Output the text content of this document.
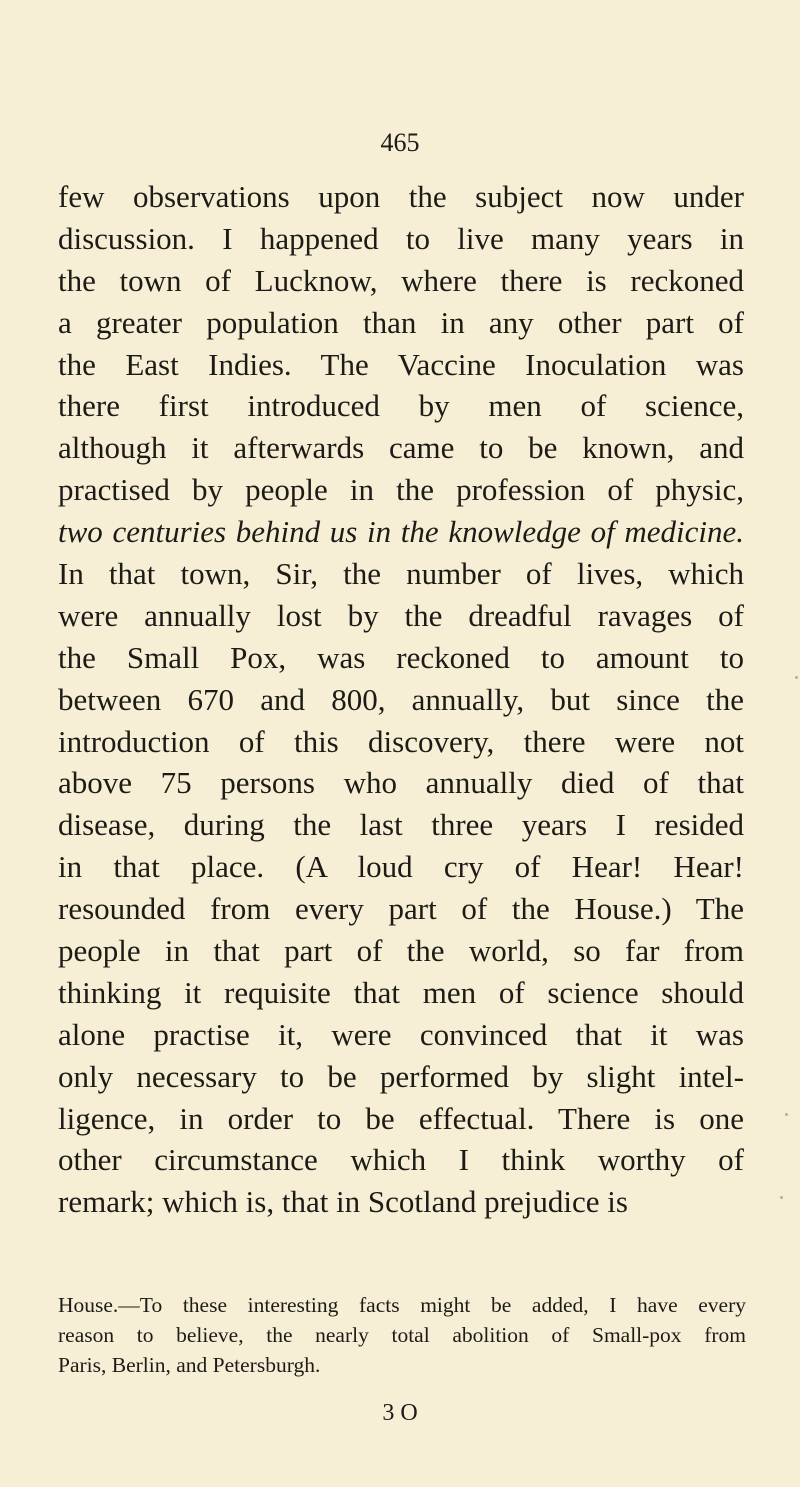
465
few observations upon the subject now under
discussion. I happened to live many years in
the town of Lucknow, where there is reckoned
a greater population than in any other part of
the East Indies. The Vaccine Inoculation was
there first introduced by men of science,
although it afterwards came to be known, and
practised by people in the profession of physic,
two centuries behind us in the knowledge of medicine.
In that town, Sir, the number of lives, which
were annually lost by the dreadful ravages of
the Small Pox, was reckoned to amount to
between 670 and 800, annually, but since the
introduction of this discovery, there were not
above 75 persons who annually died of that
disease, during the last three years I resided
in that place. (A loud cry of Hear! Hear!
resounded from every part of the House.) The
people in that part of the world, so far from
thinking it requisite that men of science should
alone practise it, were convinced that it was
only necessary to be performed by slight intel-
ligence, in order to be effectual. There is one
other circumstance which I think worthy of
remark; which is, that in Scotland prejudice is
House.—To these interesting facts might be added, I have every
reason to believe, the nearly total abolition of Small-pox from
Paris, Berlin, and Petersburgh.
3 O
